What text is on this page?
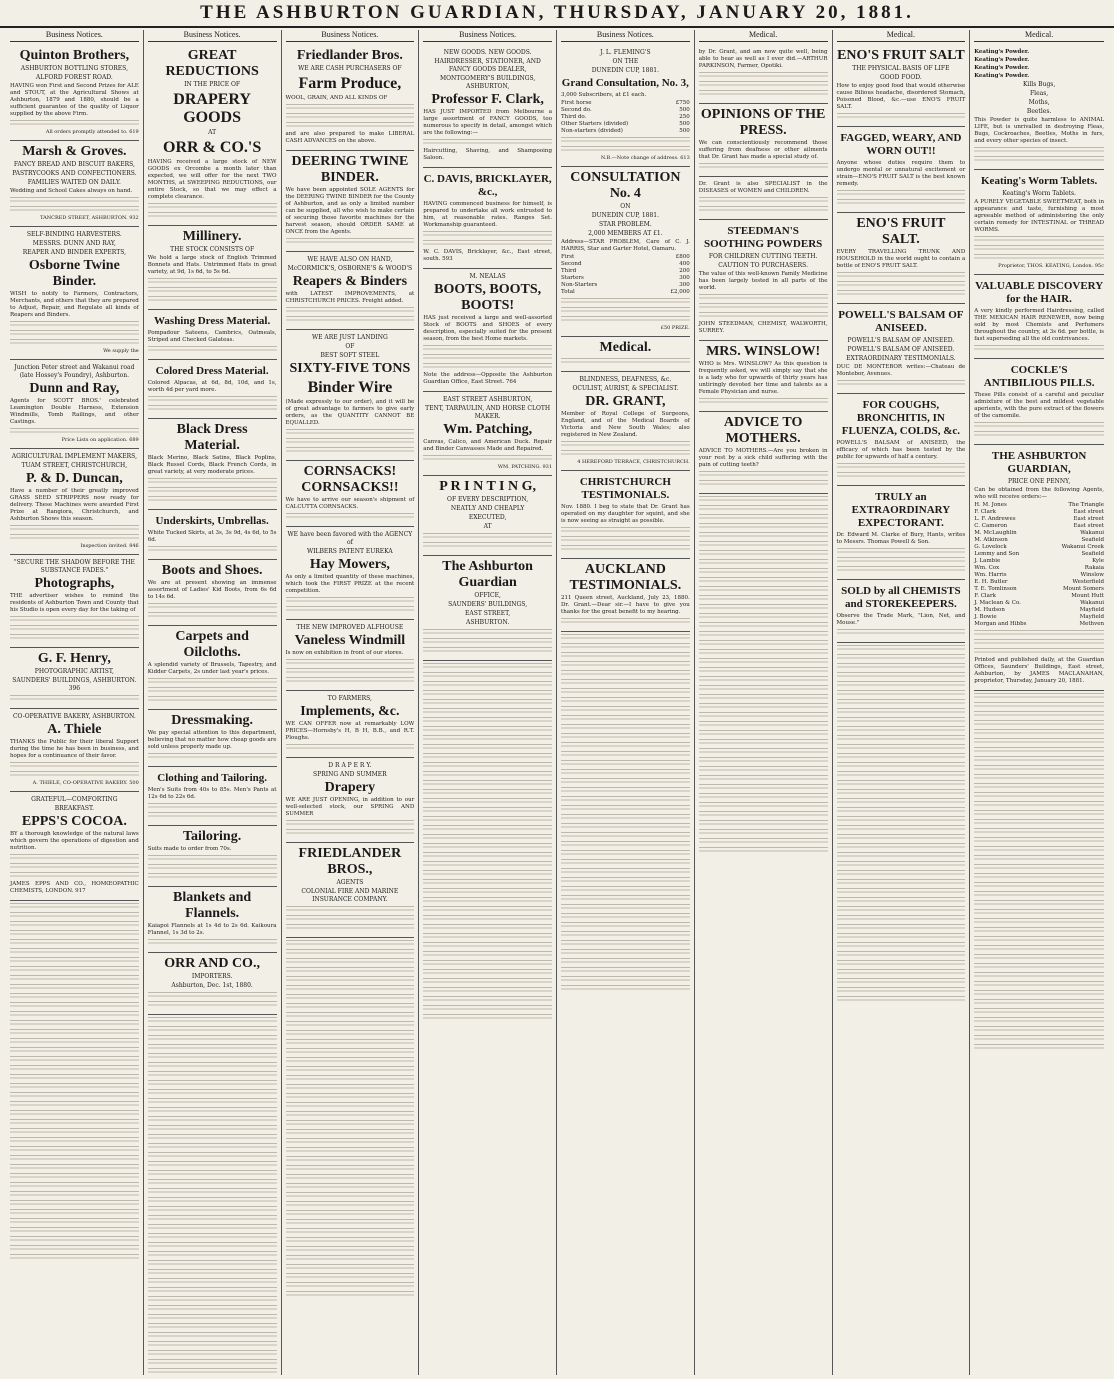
THE ASHBURTON GUARDIAN, THURSDAY, JANUARY 20, 1881.
Business Notices.
Quinton Brothers,
ASHBURTON BOTTLING STORES,
ALFORD FOREST ROAD.

HAVING won First and Second Prizes for ALE and STOUT, at the Agricultural Shows at Ashburton, 1879 and 1880, should be a sufficient guarantee of the quality of Liquor supplied by the above Firm.

All orders promptly attended to. 619

Marsh & Groves.
FANCY BREAD AND BISCUIT BAKERS,
PASTRYCOOKS AND CONFECTIONERS.
FAMILIES WAITED ON DAILY.

Wedding and School Cakes always on hand.

TANCRED STREET, ASHBURTON. 932

SELF-BINDING HARVESTERS.
MESSRS. DUNN AND RAY,
REAPER AND BINDER EXPERTS,
Osborne Twine Binder.

WISH to notify to Farmers, Contractors, Merchants, and others that they are prepared to Adjust, Repair, and Regulate all kinds of Reapers and Binders.

We supply the

Junction Peter street and Wakanui road (late Hossey's Foundry), Ashburton.
Dunn and Ray,

Agents for SCOTT BROS.' celebrated Leamington Double Harness, Extension Windmills, Tomb Railings, and other Castings.

Price Lists on application. 689

AGRICULTURAL IMPLEMENT MAKERS,
TUAM STREET, CHRISTCHURCH,
P. & D. Duncan,

Have a number of their greatly improved GRASS SEED STRIPPERS now ready for delivery. These Machines were awarded First Prize at Rangiora, Christchurch, and Ashburton Shows this season.

Inspection invited. 846

"SECURE THE SHADOW BEFORE THE SUBSTANCE FADES."
Photographs,

THE advertiser wishes to remind the residents of Ashburton Town and County that his Studio is open every day for the taking of

G. F. Henry,
PHOTOGRAPHIC ARTIST,
SAUNDERS' BUILDINGS, ASHBURTON. 396
CO-OPERATIVE BAKERY, ASHBURTON.
A. Thiele

THANKS the Public for their liberal Support during the time he has been in business, and hopes for a continuance of their favor.

A. THIELE, CO-OPERATIVE BAKERY. 500

GRATEFUL—COMFORTING
BREAKFAST.
EPPS'S COCOA.

BY a thorough knowledge of the natural laws which govern the operations of digestion and nutrition.

JAMES EPPS AND CO., HOMŒOPATHIC CHEMISTS, LONDON. 917

Business Notices.
GREAT REDUCTIONS
IN THE PRICE OF
DRAPERY GOODS
AT
ORR & CO.'S

HAVING received a large stock of NEW GOODS ex Orcombe a month later than expected, we will offer for the next TWO MONTHS, at SWEEPING REDUCTIONS, our entire Stock, so that we may effect a complete clearance.

Millinery.
THE STOCK CONSISTS OF

We hold a large stock of English Trimmed Bonnets and Hats. Untrimmed Hats in great variety, at 9d, 1s 6d, to 5s 6d.

Washing Dress Material.

Pompadour Sateens, Cambrics, Oatmeals, Striped and Checked Galateas.

Colored Dress Material.

Colored Alpacas, at 6d, 8d, 10d, and 1s, worth 4d per yard more.

Black Dress Material.

Black Merino, Black Satins, Black Poplins, Black Russel Cords, Black French Cords, in great variety, at very moderate prices.

Underskirts, Umbrellas.

White Tucked Skirts, at 3s, 3s 9d, 4s 6d, to 5s 6d.

Boots and Shoes.

We are at present showing an immense assortment of Ladies' Kid Boots, from 6s 6d to 14s 6d.

Carpets and Oilcloths.

A splendid variety of Brussels, Tapestry, and Kidder Carpets, 2s under last year's prices.

Dressmaking.

We pay special attention to this department, believing that no matter how cheap goods are sold unless properly made up.

Clothing and Tailoring.

Men's Suits from 40s to 85s. Men's Pants at 12s 6d to 22s 6d.

Tailoring.

Suits made to order from 70s.

Blankets and Flannels.

Kaiapoi Flannels at 1s 4d to 2s 6d. Kaikoura Flannel, 1s 3d to 2s.

ORR AND CO.,
IMPORTERS.
Ashburton, Dec. 1st, 1880.
Business Notices.
Friedlander Bros.
WE ARE CASH PURCHASERS OF
Farm Produce,

WOOL, GRAIN, AND ALL KINDS OF

and are also prepared to make LIBERAL CASH ADVANCES on the above.

DEERING TWINE BINDER.

We have been appointed SOLE AGENTS for the DEERING TWINE BINDER for the County of Ashburton, and as only a limited number can be supplied, all who wish to make certain of securing those favorite machines for the harvest season, should ORDER SAME at ONCE from the Agents.

WE HAVE ALSO ON HAND,
McCORMICK'S, OSBORNE'S & WOOD'S
Reapers & Binders

with LATEST IMPROVEMENTS, at CHRISTCHURCH PRICES. Freight added.

WE ARE JUST LANDING
OF
BEST SOFT STEEL
SIXTY-FIVE TONS
Binder Wire

(Made expressly to our order), and it will be of great advantage to farmers to give early orders, as the QUANTITY CANNOT BE EQUALLED.

CORNSACKS! CORNSACKS!!

We have to arrive our season's shipment of CALCUTTA CORNSACKS.

WE have been favored with the AGENCY of
WILBERS PATENT EUREKA
Hay Mowers,

As only a limited quantity of these machines, which took the FIRST PRIZE at the recent competition.

THE NEW IMPROVED ALFHOUSE
Vaneless Windmill

Is now on exhibition in front of our stores.

TO FARMERS,
Implements, &c.

WE CAN OFFER now at remarkably LOW PRICES—Hornsby's H, B H, B.B., and R.T. Ploughs.

D R A P E R Y.
SPRING AND SUMMER
Drapery

WE ARE JUST OPENING, in addition to our well-selected stock, our SPRING AND SUMMER

FRIEDLANDER BROS.,
AGENTS
COLONIAL FIRE AND MARINE INSURANCE COMPANY.
Business Notices.
NEW GOODS. NEW GOODS.
HAIRDRESSER, STATIONER, AND FANCY GOODS DEALER,
MONTGOMERY'S BUILDINGS, ASHBURTON,
Professor F. Clark,

HAS JUST IMPORTED from Melbourne a large assortment of FANCY GOODS, too numerous to specify in detail, amongst which are the following:—

Haircutting, Shaving, and Shampooing Saloon.

C. DAVIS, BRICKLAYER, &c.,

HAVING commenced business for himself, is prepared to undertake all work entrusted to him, at reasonable rates. Ranges Set. Workmanship guaranteed.

W. C. DAVIS, Bricklayer, &c., East street, south. 593

M. NEALAS
BOOTS, BOOTS, BOOTS!

HAS just received a large and well-assorted Stock of BOOTS and SHOES of every description, especially suited for the present season, from the best Home markets.

Note the address—Opposite the Ashburton Guardian Office, East Street. 764

EAST STREET ASHBURTON,
TENT, TARPAULIN, AND HORSE CLOTH MAKER.
Wm. Patching,

Canvas, Calico, and American Duck. Repair and Binder Canvasses Made and Repaired.

WM. PATCHING. 931

P R I N T I N G,
OF EVERY DESCRIPTION,
NEATLY AND CHEAPLY
EXECUTED,
AT
The Ashburton Guardian
OFFICE,
SAUNDERS' BUILDINGS,
EAST STREET,
ASHBURTON.
Business Notices.
J. L. FLEMING'S
ON THE
DUNEDIN CUP, 1881.
Grand Consultation, No. 3,

3,000 Subscribers, at £1 each.

First horse	£750
Second do.	500
Third do.	250
Other Starters (divided)	500
Non-starters (divided)	500

N.B.—Note change of address. 613

CONSULTATION No. 4
ON
DUNEDIN CUP, 1881.
STAR PROBLEM.
2,000 MEMBERS AT £1.

Address—STAR PROBLEM, Care of C. J. HARRIS, Star and Garter Hotel, Oamaru.

First	£800
Second	400
Third	200
Starters	300
Non-Starters	300
Total	£2,000

£50 PRIZE.

Medical.
BLINDNESS, DEAFNESS, &c.
OCULIST, AURIST, & SPECIALIST.
DR. GRANT,

Member of Royal College of Surgeons, England, and of the Medical Boards of Victoria and New South Wales; also registered in New Zealand.

4 HEREFORD TERRACE, CHRISTCHURCH.

CHRISTCHURCH TESTIMONIALS.

Nov. 1880. I beg to state that Dr. Grant has operated on my daughter for squint, and she is now seeing as straight as possible.

AUCKLAND TESTIMONIALS.

211 Queen street, Auckland, July 23, 1880. Dr. Grant.—Dear sir.—I have to give you thanks for the great benefit to my hearing.

Medical.

by Dr. Grant, and am now quite well, being able to hear as well as I ever did.—ARTHUR PARKINSON, Farmer, Opotiki.

OPINIONS OF THE PRESS.

We can conscientiously recommend those suffering from deafness or other ailments that Dr. Grant has made a special study of.

Dr. Grant is also SPECIALIST in the DISEASES of WOMEN and CHILDREN.

STEEDMAN'S SOOTHING POWDERS
FOR CHILDREN CUTTING TEETH.
CAUTION TO PURCHASERS.

The value of this well-known Family Medicine has been largely tested in all parts of the world.

JOHN STEEDMAN, CHEMIST, WALWORTH, SURREY.

MRS. WINSLOW!

WHO is Mrs. WINSLOW? As this question is frequently asked, we will simply say that she is a lady who for upwards of thirty years has untiringly devoted her time and talents as a Female Physician and nurse.

ADVICE TO MOTHERS.

ADVICE TO MOTHERS.—Are you broken in your rest by a sick child suffering with the pain of cutting teeth?

Medical.
ENO'S FRUIT SALT
THE PHYSICAL BASIS OF LIFE
GOOD FOOD.

How to enjoy good food that would otherwise cause Bilious headache, disordered Stomach, Poisoned Blood, &c.—use ENO'S FRUIT SALT.

FAGGED, WEARY, AND WORN OUT!!

Anyone whose duties require them to undergo mental or unnatural excitement or strain—ENO'S FRUIT SALT is the best known remedy.

ENO'S FRUIT SALT.

EVERY TRAVELLING TRUNK AND HOUSEHOLD in the world ought to contain a bottle of ENO'S FRUIT SALT.

POWELL'S BALSAM OF ANISEED.
POWELL'S BALSAM OF ANISEED.
POWELL'S BALSAM OF ANISEED.
EXTRAORDINARY TESTIMONIALS.

DUC DE MONTEBOR writes:—Chateau de Montebor, Avenues.

FOR COUGHS, BRONCHITIS, IN FLUENZA, COLDS, &c.

POWELL'S BALSAM of ANISEED, the efficacy of which has been tested by the public for upwards of half a century.

TRULY an EXTRAORDINARY EXPECTORANT.

Dr. Edward M. Clarke of Bury, Hants, writes to Messrs. Thomas Powell & Son.

SOLD by all CHEMISTS and STOREKEEPERS.

Observe the Trade Mark, "Lion, Net, and Mouse."

Medical.

Keating's Powder.

Keating's Powder.

Keating's Powder.

Keating's Powder.

Kills Bugs,
Fleas,
Moths,
Beetles.

This Powder is quite harmless to ANIMAL LIFE, but is unrivalled in destroying Fleas, Bugs, Cockroaches, Beetles, Moths in furs, and every other species of insect.

Keating's Worm Tablets.
Keating's Worm Tablets.

A PURELY VEGETABLE SWEETMEAT, both in appearance and taste, furnishing a most agreeable method of administering the only certain remedy for INTESTINAL or THREAD WORMS.

Proprietor, THOS. KEATING, London. 95c

VALUABLE DISCOVERY for the HAIR.

A very kindly performed Hairdressing, called THE MEXICAN HAIR RENEWER, now being sold by most Chemists and Perfumers throughout the country, at 3s 6d. per bottle, is fast superseding all the old contrivances.

COCKLE'S ANTIBILIOUS PILLS.

These Pills consist of a careful and peculiar admixture of the best and mildest vegetable aperients, with the pure extract of the flowers of the camomile.

THE ASHBURTON GUARDIAN,
PRICE ONE PENNY,

Can be obtained from the following Agents, who will receive orders:—

H. M. Jones	The Triangle
F. Clark	East street
L. F. Andrewes	East street
C. Cameron	East street
M. McLaughlin	Wakanui
M. Atkinson	Seafield
G. Lovelock	Wakanui Creek
Lemmy and Son	Seafield
J. Lambie	Kyle
Wm. Cox	Rakaia
Wm. Harris	Winslow
E. H. Butler	Westerfield
T. E. Tomlinson	Mount Somers
F. Clark	Mount Hutt
J. Maclean & Co.	Wakanui
M. Hudson	Mayfield
J. Bowie	Mayfield
Morgan and Hibbs	Methven

Printed and published daily, at the Guardian Offices, Saunders' Buildings, East street, Ashburton, by JAMES MACLANAHAN, proprietor, Thursday, January 20, 1881.
